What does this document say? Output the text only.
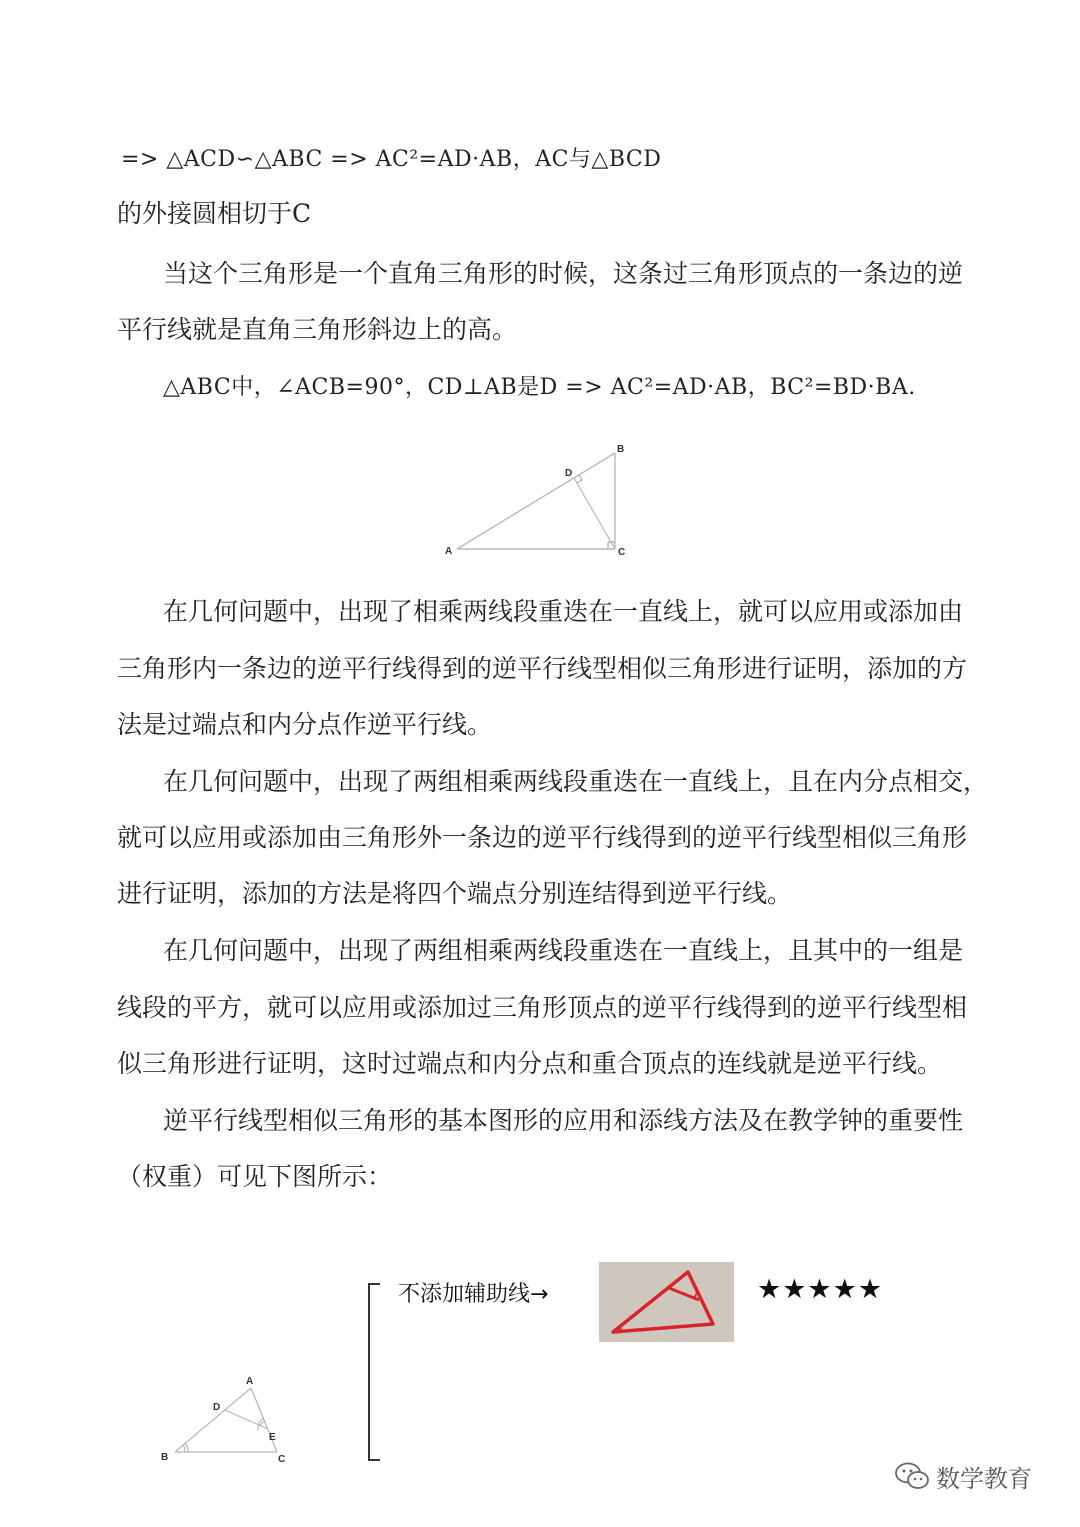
=> △ACD∽△ABC => AC²=AD·AB，AC与△BCD
的外接圆相切于C
当这个三角形是一个直角三角形的时候，这条过三角形顶点的一条边的逆
平行线就是直角三角形斜边上的高。
△ABC中，∠ACB=90°，CD⊥AB是D => AC²=AD·AB，BC²=BD·BA.
A
B
C
D
在几何问题中，出现了相乘两线段重迭在一直线上，就可以应用或添加由
三角形内一条边的逆平行线得到的逆平行线型相似三角形进行证明，添加的方
法是过端点和内分点作逆平行线。
在几何问题中，出现了两组相乘两线段重迭在一直线上，且在内分点相交，
就可以应用或添加由三角形外一条边的逆平行线得到的逆平行线型相似三角形
进行证明，添加的方法是将四个端点分别连结得到逆平行线。
在几何问题中，出现了两组相乘两线段重迭在一直线上，且其中的一组是
线段的平方，就可以应用或添加过三角形顶点的逆平行线得到的逆平行线型相
似三角形进行证明，这时过端点和内分点和重合顶点的连线就是逆平行线。
逆平行线型相似三角形的基本图形的应用和添线方法及在教学钟的重要性
（权重）可见下图所示：
A
B	C
D
E
不添加辅助线→	★★★★★
数学教育
